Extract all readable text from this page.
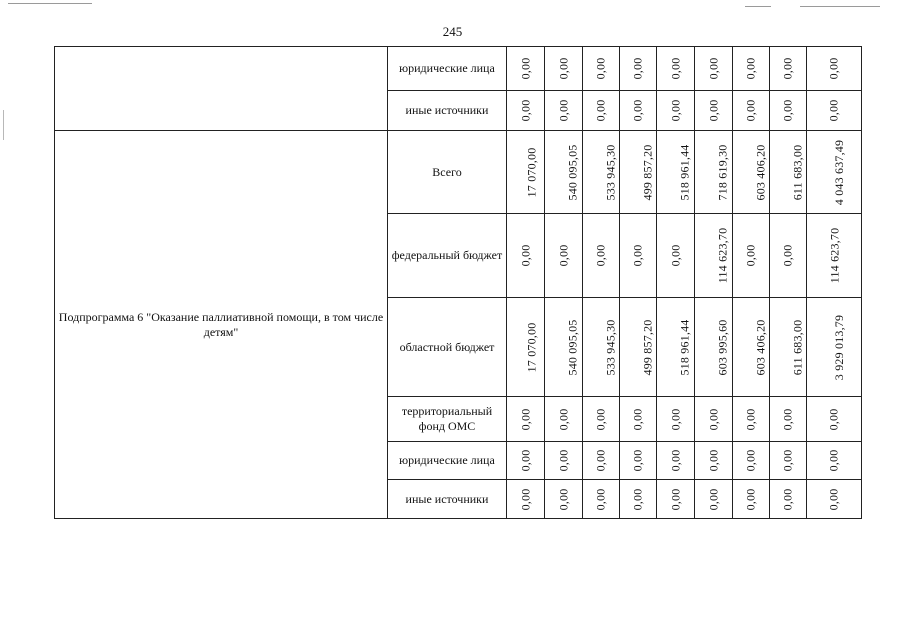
245
	юридические лица	0,00	0,00	0,00	0,00	0,00	0,00	0,00	0,00	0,00
	иные источники	0,00	0,00	0,00	0,00	0,00	0,00	0,00	0,00	0,00
Подпрограмма 6 "Оказание паллиативной помощи, в том числе детям"	Всего	17 070,00	540 095,05	533 945,30	499 857,20	518 961,44	718 619,30	603 406,20	611 683,00	4 043 637,49
	федеральный бюджет	0,00	0,00	0,00	0,00	0,00	114 623,70	0,00	0,00	114 623,70
	областной бюджет	17 070,00	540 095,05	533 945,30	499 857,20	518 961,44	603 995,60	603 406,20	611 683,00	3 929 013,79
	территориальный фонд ОМС	0,00	0,00	0,00	0,00	0,00	0,00	0,00	0,00	0,00
	юридические лица	0,00	0,00	0,00	0,00	0,00	0,00	0,00	0,00	0,00
	иные источники	0,00	0,00	0,00	0,00	0,00	0,00	0,00	0,00	0,00
